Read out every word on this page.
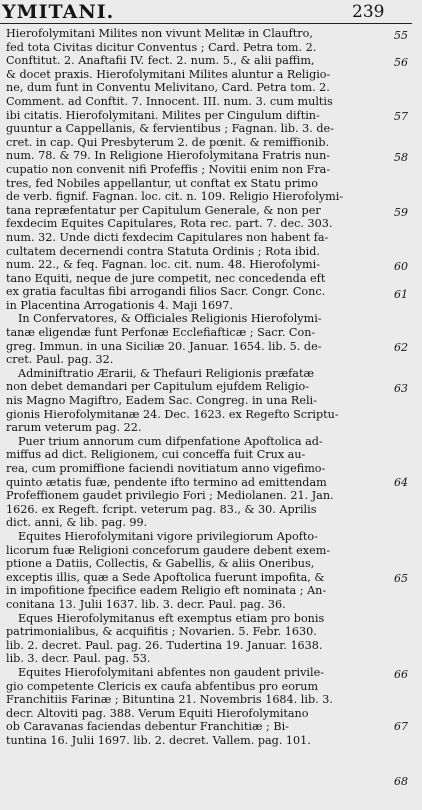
YMITANI.	239
Hierofolymitani Milites non vivunt Melitæ in Clauftro,
fed tota Civitas dicitur Conventus ; Card. Petra tom. 2.
Conftitut. 2. Anaftafii IV. fect. 2. num. 5., & alii paffim,
& docet praxis. Hierofolymitani Milites aluntur a Religio-
ne, dum funt in Conventu Melivitano, Card. Petra tom. 2.
Comment. ad Conftit. 7. Innocent. III. num. 3. cum multis
ibi citatis. Hierofolymitani. Milites per Cingulum diftin-
guuntur a Cappellanis, & fervientibus ; Fagnan. lib. 3. de-
cret. in cap. Qui Presbyterum 2. de pœnit. & remiffionib.
num. 78. & 79. In Religione Hierofolymitana Fratris nun-
cupatio non convenit nifi Profeffis ; Novitii enim non Fra-
tres, fed Nobiles appellantur, ut conftat ex Statu primo
de verb. fignif. Fagnan. loc. cit. n. 109. Religio Hierofolymi-
tana repræfentatur per Capitulum Generale, & non per
fexdecim Equites Capitulares, Rota rec. part. 7. dec. 303.
num. 32. Unde dicti fexdecim Capitulares non habent fa-
cultatem decernendi contra Statuta Ordinis ; Rota ibid.
num. 22., & feq. Fagnan. loc. cit. num. 48. Hierofolymi-
tano Equiti, neque de jure competit, nec concedenda eft
ex gratia facultas fibi arrogandi filios Sacr. Congr. Conc.
in Placentina Arrogationis 4. Maji 1697.
In Confervatores, & Officiales Religionis Hierofolymi-
tanæ eligendæ funt Perfonæ Ecclefiafticæ ; Sacr. Con-
greg. Immun. in una Siciliæ 20. Januar. 1654. lib. 5. de-
cret. Paul. pag. 32.
Adminiftratio Ærarii, & Thefauri Religionis præfatæ
non debet demandari per Capitulum ejufdem Religio-
nis Magno Magiftro, Eadem Sac. Congreg. in una Reli-
gionis Hierofolymitanæ 24. Dec. 1623. ex Regefto Scriptu-
rarum veterum pag. 22.
Puer trium annorum cum difpenfatione Apoftolica ad-
miffus ad dict. Religionem, cui conceffa fuit Crux au-
rea, cum promiffione faciendi novitiatum anno vigefimo-
quinto ætatis fuæ, pendente ifto termino ad emittendam
Profeffionem gaudet privilegio Fori ; Mediolanen. 21. Jan.
1626. ex Regeft. fcript. veterum pag. 83., & 30. Aprilis
dict. anni, & lib. pag. 99.
Equites Hierofolymitani vigore privilegiorum Apofto-
licorum fuæ Religioni conceforum gaudere debent exem-
ptione a Datiis, Collectis, & Gabellis, & aliis Oneribus,
exceptis illis, quæ a Sede Apoftolica fuerunt impofita, &
in impofitione fpecifice eadem Religio eft nominata ; An-
conitana 13. Julii 1637. lib. 3. decr. Paul. pag. 36.
Eques Hierofolymitanus eft exemptus etiam pro bonis
patrimonialibus, & acquifitis ; Novarien. 5. Febr. 1630.
lib. 2. decret. Paul. pag. 26. Tudertina 19. Januar. 1638.
lib. 3. decr. Paul. pag. 53.
Equites Hierofolymitani abfentes non gaudent privile-
gio competente Clericis ex caufa abfentibus pro eorum
Franchitiis Farinæ ; Bituntina 21. Novembris 1684. lib. 3.
decr. Altoviti pag. 388. Verum Equiti Hierofolymitano
ob Caravanas faciendas debentur Franchitiæ ; Bi-
tuntina 16. Julii 1697. lib. 2. decret. Vallem. pag. 101.
55
56
57
58
59
60
61
62
63
64
65
66
67
68
